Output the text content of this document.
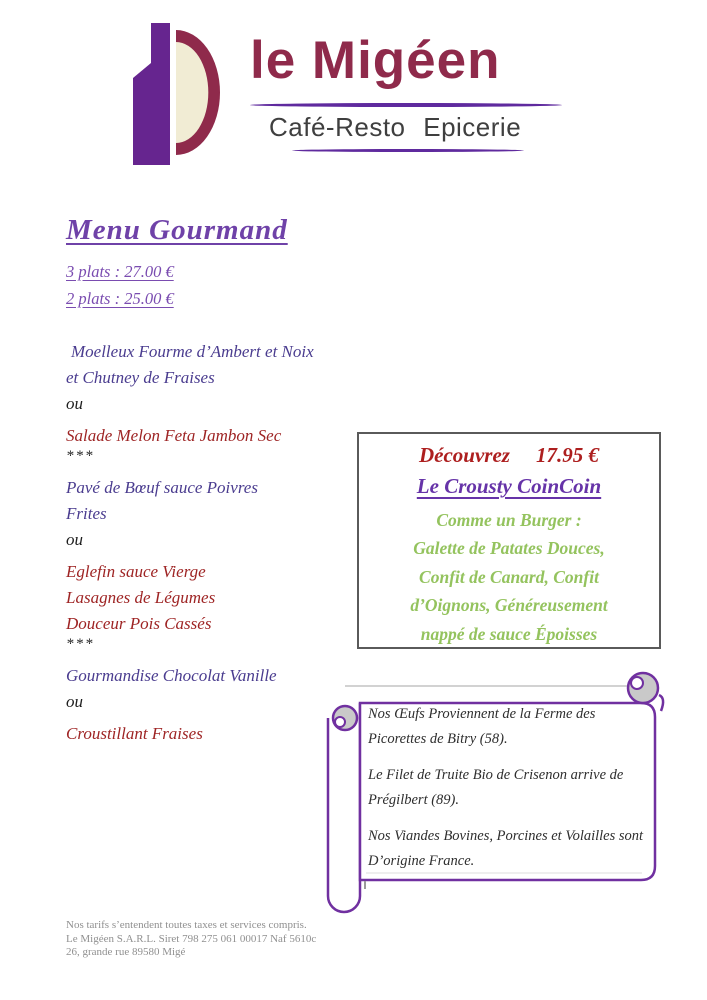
le Migéen
Café-Resto Epicerie
Menu Gourmand
3 plats : 27.00 €
2 plats : 25.00 €
Moelleux Fourme d’Ambert et Noix
et Chutney de Fraises
ou
Salade Melon Feta Jambon Sec
***
Pavé de Bœuf sauce Poivres
Frites
ou
Eglefin sauce Vierge
Lasagnes de Légumes
Douceur Pois Cassés
***
Gourmandise Chocolat Vanille
ou
Croustillant Fraises
Découvrez 17.95 €
Le Crousty CoinCoin
Comme un Burger :
Galette de Patates Douces,
Confit de Canard, Confit
d’Oignons, Généreusement
nappé de sauce Époisses

Nos Œufs Proviennent de la Ferme des Picorettes de Bitry (58).

Le Filet de Truite Bio de Crisenon arrive de Prégilbert (89).

Nos Viandes Bovines, Porcines et Volailles sont D’origine France.

Nos tarifs s’entendent toutes taxes et services compris.
Le Migéen S.A.R.L. Siret 798 275 061 00017 Naf 5610c
26, grande rue 89580 Migé
